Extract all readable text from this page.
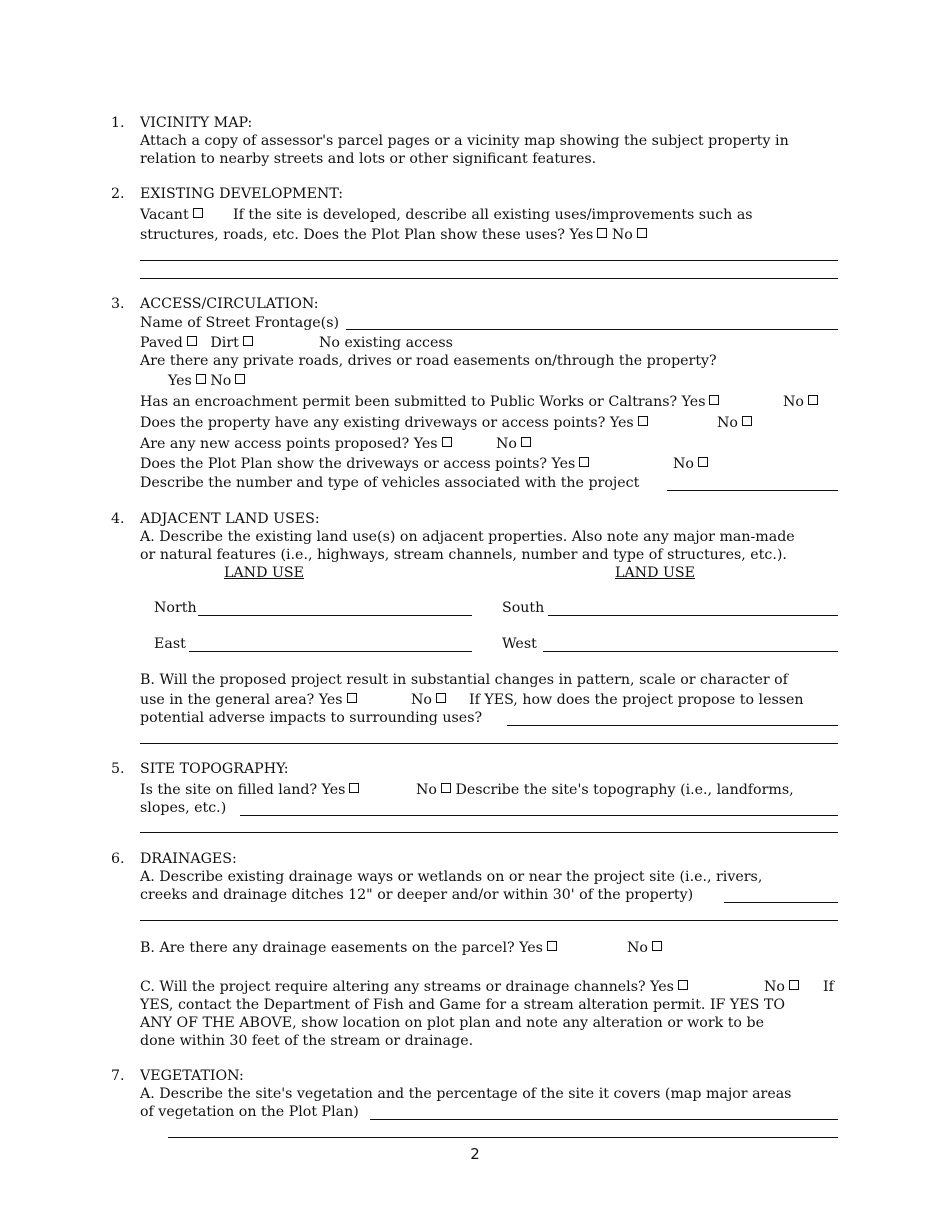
1. VICINITY MAP:
Attach a copy of assessor's parcel pages or a vicinity map showing the subject property in
relation to nearby streets and lots or other significant features.
2. EXISTING DEVELOPMENT:
Vacant	If the site is developed, describe all existing uses/improvements such as
structures, roads, etc. Does the Plot Plan show these uses? Yes No
3. ACCESS/CIRCULATION:
Name of Street Frontage(s)
Paved Dirt	No existing access
Are there any private roads, drives or road easements on/through the property?
Yes No
Has an encroachment permit been submitted to Public Works or Caltrans? Yes	No
Does the property have any existing driveways or access points? Yes	No
Are any new access points proposed? Yes	No
Does the Plot Plan show the driveways or access points? Yes	No
Describe the number and type of vehicles associated with the project
4. ADJACENT LAND USES:
A. Describe the existing land use(s) on adjacent properties. Also note any major man-made
or natural features (i.e., highways, stream channels, number and type of structures, etc.).
LAND USE	LAND USE
North	South
East	West
B. Will the proposed project result in substantial changes in pattern, scale or character of
use in the general area? Yes	No	If YES, how does the project propose to lessen
potential adverse impacts to surrounding uses?
5. SITE TOPOGRAPHY:
Is the site on filled land? Yes	No Describe the site's topography (i.e., landforms,
slopes, etc.)
6. DRAINAGES:
A. Describe existing drainage ways or wetlands on or near the project site (i.e., rivers,
creeks and drainage ditches 12" or deeper and/or within 30' of the property)
B. Are there any drainage easements on the parcel? Yes	No
C. Will the project require altering any streams or drainage channels? Yes	No	If
YES, contact the Department of Fish and Game for a stream alteration permit. IF YES TO
ANY OF THE ABOVE, show location on plot plan and note any alteration or work to be
done within 30 feet of the stream or drainage.
7. VEGETATION:
A. Describe the site's vegetation and the percentage of the site it covers (map major areas
of vegetation on the Plot Plan)
2
